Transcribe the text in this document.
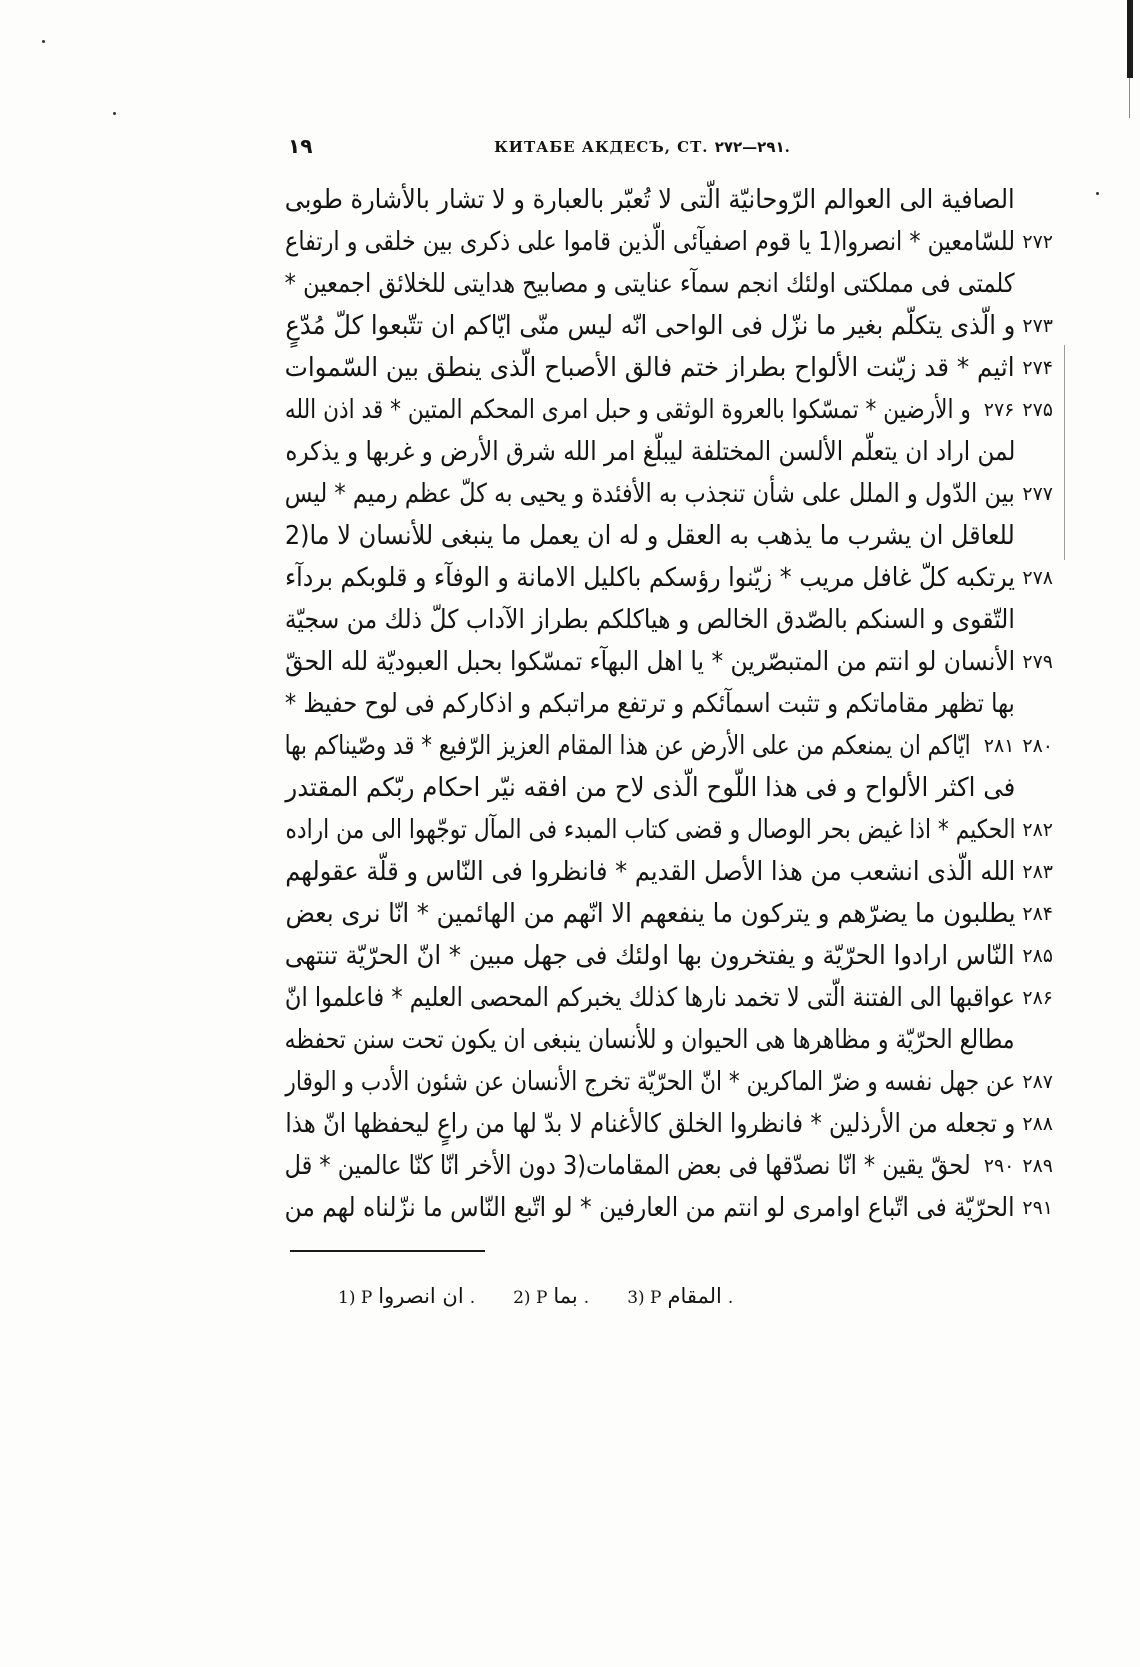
۱۹	КИТАБЕ АКДЕСЪ, СТ. ۲۷۲—۲۹۱.
الصافية الى العوالم الرّوحانيّة الّتى لا تُعبّر بالعبارة و لا تشار بالأشارة طوبى
للسّامعين * انصروا(1 يا قوم اصفيآئى الّذين قاموا على ذكرى بين خلقى و ارتفاع ۲۷۲
كلمتى فى مملكتى اولئك انجم سمآء عنايتى و مصابيح هدايتى للخلائق اجمعين *
و الّذى يتكلّم بغير ما نزّل فى الواحى انّه ليس منّى ايّاكم ان تتّبعوا كلّ مُدّعٍ ۲۷۳
اثيم * قد زيّنت الألواح بطراز ختم فالق الأصباح الّذى ينطق بين السّموات ۲۷۴
و الأرضين * تمسّكوا بالعروة الوثقى و حبل امرى المحكم المتين * قد اذن الله	۲۷۵
۲۷۶
لمن اراد ان يتعلّم الألسن المختلفة ليبلّغ امر الله شرق الأرض و غربها و يذكره
بين الدّول و الملل على شأن تنجذب به الأفئدة و يحيى به كلّ عظم رميم * ليس ۲۷۷
للعاقل ان يشرب ما يذهب به العقل و له ان يعمل ما ينبغى للأنسان لا ما(2
يرتكبه كلّ غافل مريب * زيّنوا رؤسكم باكليل الامانة و الوفآء و قلوبكم بردآء ۲۷۸
التّقوى و السنكم بالصّدق الخالص و هياكلكم بطراز الآداب كلّ ذلك من سجيّة
الأنسان لو انتم من المتبصّرين * يا اهل البهآء تمسّكوا بحبل العبوديّة لله الحقّ ۲۷۹
بها تظهر مقاماتكم و تثبت اسمآئكم و ترتفع مراتبكم و اذكاركم فى لوح حفيظ *
ايّاكم ان يمنعكم من على الأرض عن هذا المقام العزيز الرّفيع * قد وصّيناكم بها	۲۸۰
۲۸۱
فى اكثر الألواح و فى هذا اللّوح الّذى لاح من افقه نيّر احكام ربّكم المقتدر
الحكيم * اذا غيض بحر الوصال و قضى كتاب المبدء فى المآل توجّهوا الى من اراده ۲۸۲
الله الّذى انشعب من هذا الأصل القديم * فانظروا فى النّاس و قلّة عقولهم ۲۸۳
يطلبون ما يضرّهم و يتركون ما ينفعهم الا انّهم من الهائمين * انّا نرى بعض ۲۸۴
النّاس ارادوا الحرّيّة و يفتخرون بها اولئك فى جهل مبين * انّ الحرّيّة تنتهى ۲۸۵
عواقبها الى الفتنة الّتى لا تخمد نارها كذلك يخبركم المحصى العليم * فاعلموا انّ ۲۸۶
مطالع الحرّيّة و مظاهرها هى الحيوان و للأنسان ينبغى ان يكون تحت سنن تحفظه
عن جهل نفسه و ضرّ الماكرين * انّ الحرّيّة تخرج الأنسان عن شئون الأدب و الوقار ۲۸۷
و تجعله من الأرذلين * فانظروا الخلق كالأغنام لا بدّ لها من راعٍ ليحفظها انّ هذا ۲۸۸
لحقّ يقين * انّا نصدّقها فى بعض المقامات(3 دون الأخر انّا كنّا عالمين * قل	۲۸۹
۲۹۰
الحرّيّة فى اتّباع اوامرى لو انتم من العارفين * لو اتّبع النّاس ما نزّلناه لهم من ۲۹۱
1) P ان انصروا . 2) P بما . 3) P المقام .
